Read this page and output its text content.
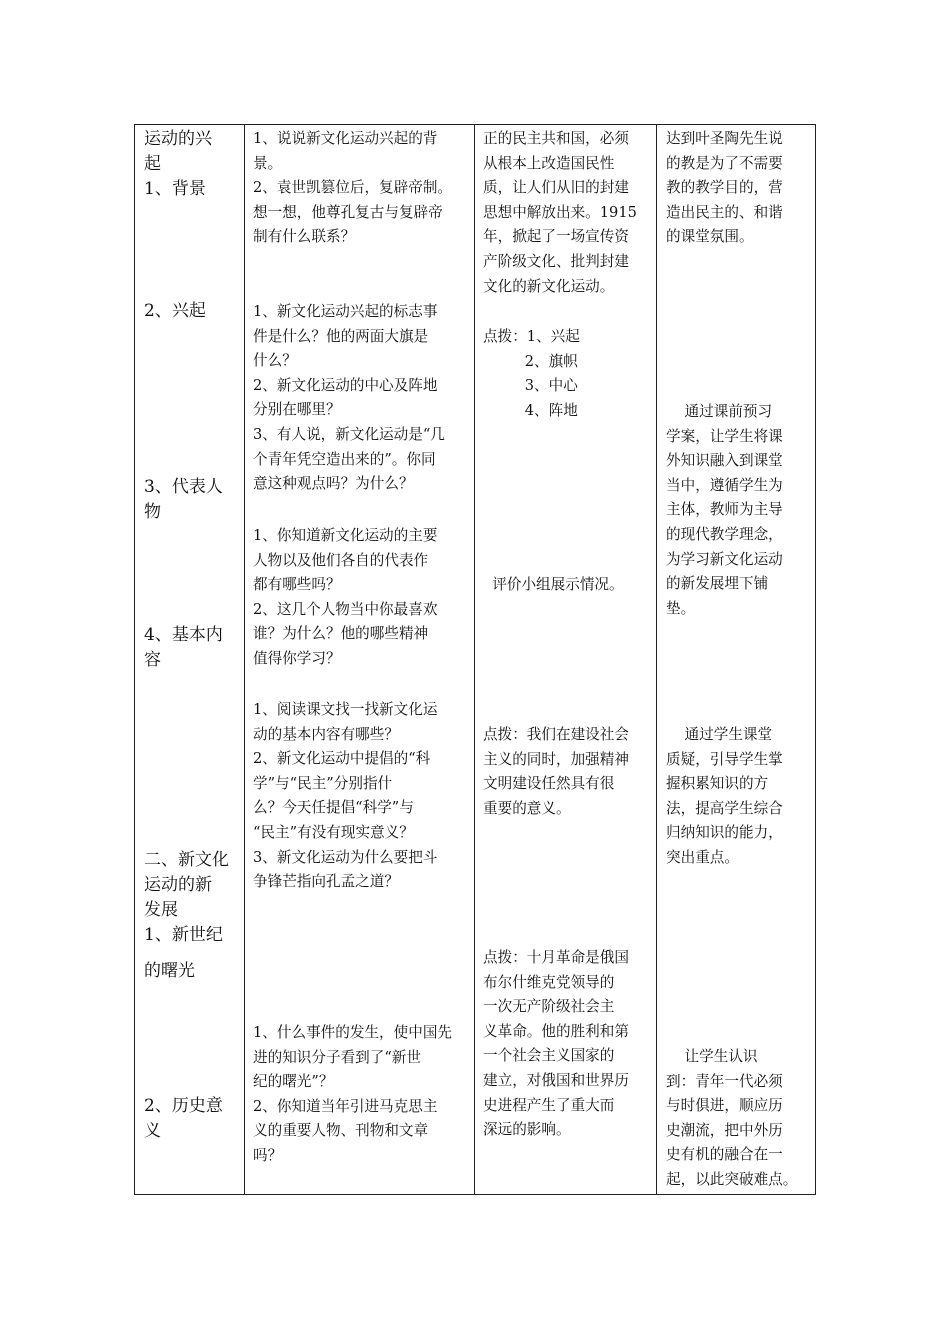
运动的兴
起
1、背景
2、兴起
3、代表人
物
4、基本内
容
二、新文化
运动的新
发展
1、新世纪
的曙光
2、历史意
义
1、说说新文化运动兴起的背
景。
2、袁世凯篡位后，复辟帝制。
想一想，他尊孔复古与复辟帝
制有什么联系？
1、新文化运动兴起的标志事
件是什么？他的两面大旗是
什么？
2、新文化运动的中心及阵地
分别在哪里？
3、有人说，新文化运动是“几
个青年凭空造出来的”。你同
意这种观点吗？为什么？
1、你知道新文化运动的主要
人物以及他们各自的代表作
都有哪些吗？
2、这几个人物当中你最喜欢
谁？为什么？他的哪些精神
值得你学习？
1、阅读课文找一找新文化运
动的基本内容有哪些？
2、新文化运动中提倡的“科
学”与“民主”分别指什
么？今天任提倡“科学”与
“民主”有没有现实意义？
3、新文化运动为什么要把斗
争锋芒指向孔孟之道？
1、什么事件的发生，使中国先
进的知识分子看到了“新世
纪的曙光”？
2、你知道当年引进马克思主
义的重要人物、刊物和文章
吗？
正的民主共和国，必须
从根本上改造国民性
质，让人们从旧的封建
思想中解放出来。1915
年，掀起了一场宣传资
产阶级文化、批判封建
文化的新文化运动。
点拨：1、兴起
2、旗帜
3、中心
4、阵地
评价小组展示情况。
点拨：我们在建设社会
主义的同时，加强精神
文明建设任然具有很
重要的意义。
点拨：十月革命是俄国
布尔什维克党领导的
一次无产阶级社会主
义革命。他的胜利和第
一个社会主义国家的
建立，对俄国和世界历
史进程产生了重大而
深远的影响。
达到叶圣陶先生说
的教是为了不需要
教的教学目的，营
造出民主的、和谐
的课堂氛围。
通过课前预习
学案，让学生将课
外知识融入到课堂
当中，遵循学生为
主体，教师为主导
的现代教学理念，
为学习新文化运动
的新发展埋下铺
垫。
通过学生课堂
质疑，引导学生掌
握积累知识的方
法，提高学生综合
归纳知识的能力，
突出重点。
让学生认识
到：青年一代必须
与时俱进，顺应历
史潮流，把中外历
史有机的融合在一
起，以此突破难点。
